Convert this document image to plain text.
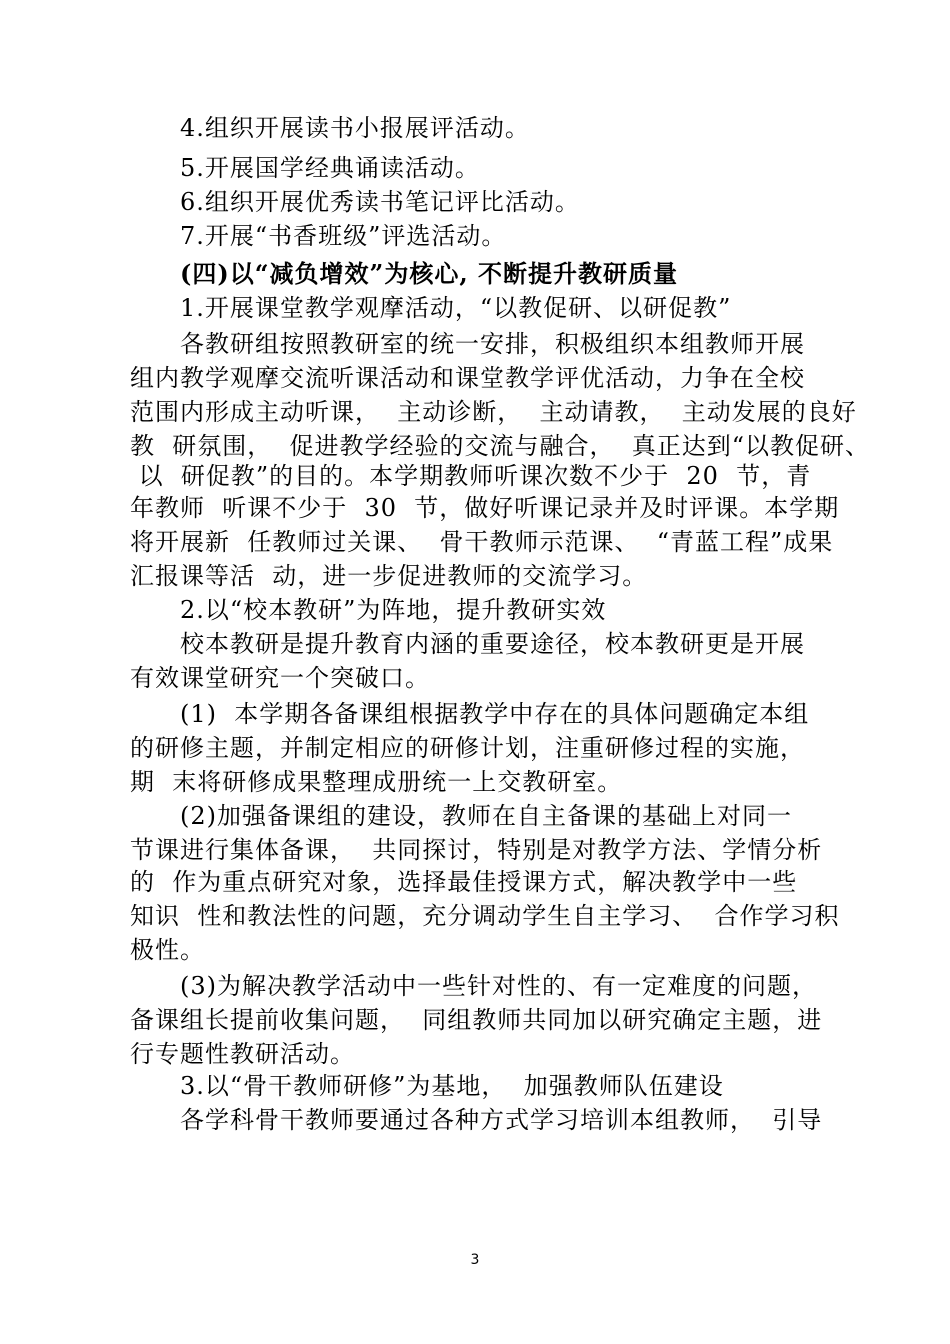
4.组织开展读书小报展评活动。
5.开展国学经典诵读活动。
6.组织开展优秀读书笔记评比活动。
7.开展“书香班级”评选活动。
(四)以“减负增效”为核心, 不断提升教研质量
1.开展课堂教学观摩活动，“以教促研、以研促教”
各教研组按照教研室的统一安排，积极组织本组教师开展
组内教学观摩交流听课活动和课堂教学评优活动，力争在全校
范围内形成主动听课，  主动诊断，  主动请教，  主动发展的良好
教  研氛围，  促进教学经验的交流与融合，  真正达到“以教促研、
以  研促教”的目的。本学期教师听课次数不少于  20  节，青
年教师  听课不少于  30  节，做好听课记录并及时评课。本学期
将开展新  任教师过关课、  骨干教师示范课、  “青蓝工程”成果
汇报课等活  动，进一步促进教师的交流学习。
2.以“校本教研”为阵地，提升教研实效
校本教研是提升教育内涵的重要途径，校本教研更是开展
有效课堂研究一个突破口。
(1)  本学期各备课组根据教学中存在的具体问题确定本组
的研修主题，并制定相应的研修计划，注重研修过程的实施，
期  末将研修成果整理成册统一上交教研室。
(2)加强备课组的建设，教师在自主备课的基础上对同一
节课进行集体备课，  共同探讨，特别是对教学方法、学情分析
的  作为重点研究对象，选择最佳授课方式，解决教学中一些
知识  性和教法性的问题，充分调动学生自主学习、  合作学习积
极性。
(3)为解决教学活动中一些针对性的、有一定难度的问题，
备课组长提前收集问题，  同组教师共同加以研究确定主题，进
行专题性教研活动。
3.以“骨干教师研修”为基地，  加强教师队伍建设
各学科骨干教师要通过各种方式学习培训本组教师，  引导
3
